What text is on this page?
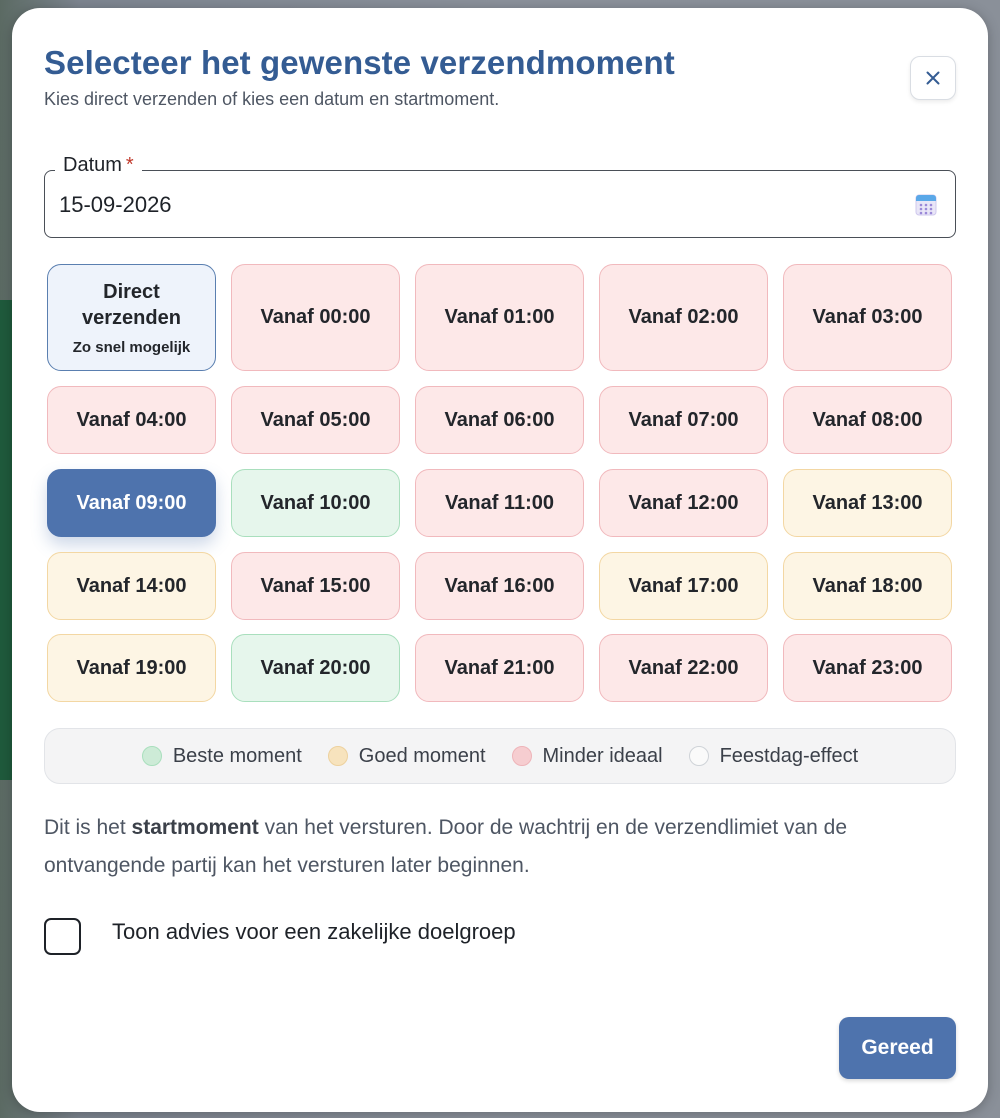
Selecteer het gewenste verzendmoment

Kies direct verzenden of kies een datum en startmoment.

Datum *
15-09-2026
Direct
verzenden
Zo snel mogelijk
Vanaf 00:00	Vanaf 01:00	Vanaf 02:00	Vanaf 03:00
Vanaf 04:00	Vanaf 05:00	Vanaf 06:00	Vanaf 07:00	Vanaf 08:00
Vanaf 09:00	Vanaf 10:00	Vanaf 11:00	Vanaf 12:00	Vanaf 13:00
Vanaf 14:00	Vanaf 15:00	Vanaf 16:00	Vanaf 17:00	Vanaf 18:00
Vanaf 19:00	Vanaf 20:00	Vanaf 21:00	Vanaf 22:00	Vanaf 23:00
Beste moment	Goed moment	Minder ideaal	Feestdag-effect

Dit is het startmoment van het versturen. Door de wachtrij en de verzendlimiet van de ontvangende partij kan het versturen later beginnen.

Toon advies voor een zakelijke doelgroep
Gereed
